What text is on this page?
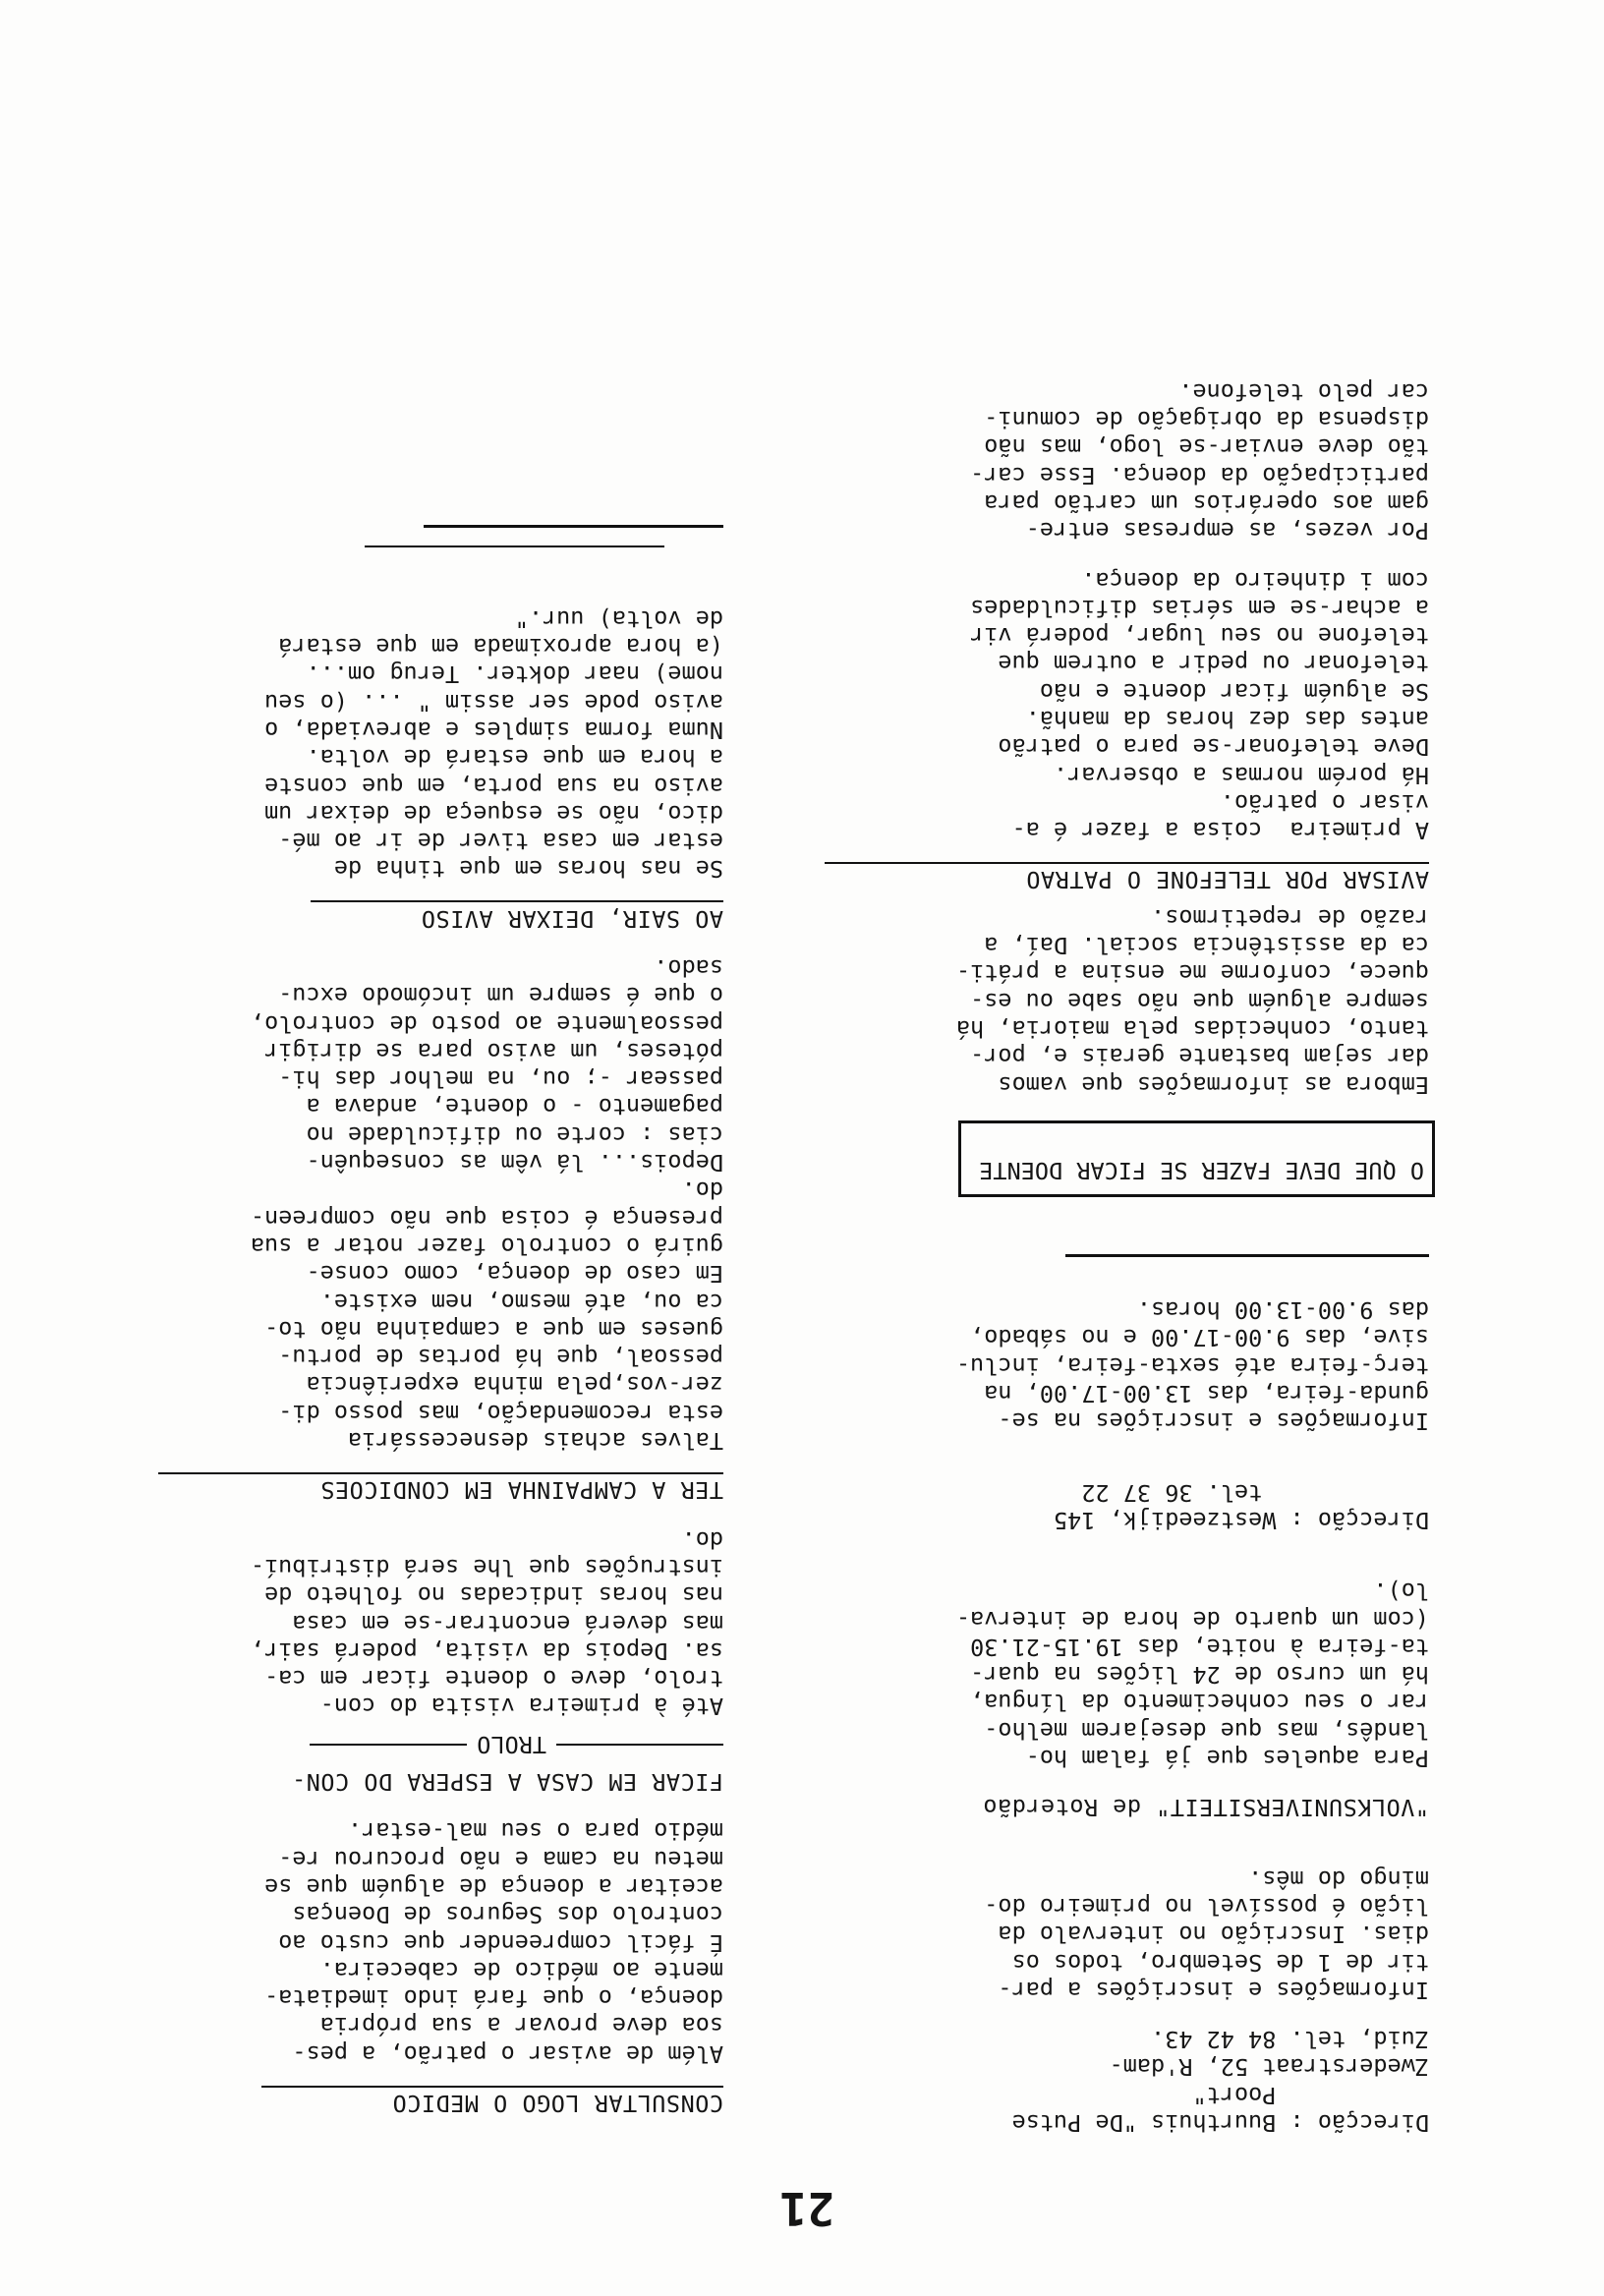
21
Direcção : Buurthuis "De Putse
Poort"
Zwederstraat 52, R'dam-
Zuid, tel. 84 42 43.
Informações e inscrições a par-
tir de 1 de Setembro, todos os
dias. Inscrição no intervalo da
lição é possível no primeiro do-
mingo do mês.
"VOLKSUNIVERSITEIT" de Roterdão
Para aqueles que já falam ho-
landês, mas que desejarem melho-
rar o seu conhecimento da língua,
há um curso de 24 lições na quar-
ta-feira à noite, das 19.15-21.30
(com um quarto de hora de interva-
lo).
Direcção : Westzeedijk, 145
tel. 36 37 22
Informações e inscrições na se-
gunda-feira, das 13.00-17.00, na
terç-feira até sexta-feira, inclu-
sive, das 9.00-17.00 e no sábado,
das 9.00-13.00 horas.
O QUE DEVE FAZER SE FICAR DOENTE
Embora as informações que vamos
dar sejam bastante gerais e, por-
tanto, conhecidas pela maioria, há
sempre alguém que não sabe ou es-
quece, conforme me ensina a práti-
ca da assistência social. Daí, a
razão de repetirmos.
AVISAR POR TELEFONE O PATRAO
A primeira  coisa a fazer é a-
visar o patrão.
Há porém normas a observar.
Deve telefonar-se para o patrão
antes das dez horas da manhã.
Se alguém ficar doente e não
telefonar ou pedir a outrem que
telefone no seu lugar, poderá vir
a achar-se em sérias dificuldades
com i dinheiro da doença.
Por vezes, as empresas entre-
gam aos operários um cartão para
participação da doença. Esse car-
tão deve enviar-se logo, mas não
dispensa da obrigação de comuni-
car pelo telefone.
CONSULTAR LOGO O MEDICO
Além de avisar o patrão, a pes-
soa deve provar a sua própria
doença, o que fará indo imediata-
mente ao médico de cabeceira.
É fácil compreender que custo ao
controlo dos Seguros de Doenças
aceitar a doença de alguém que se
meteu na cama e não procurou re-
médio para o seu mal-estar.
FICAR EM CASA A ESPERA DO CON-
TROLO
Até à primeira visita do con-
trolo, deve o doente ficar em ca-
sa. Depois da visita, poderá sair,
mas deverá encontrar-se em casa
nas horas indicadas no folheto de
instruções que lhe será distribuí-
do.
TER A CAMPAINHA EM CONDICOES
Talves achais desnecessária
esta recomendação, mas posso di-
zer-vos,pela minha experiência
pessoal, que há portas de portu-
gueses em que a campainha não to-
ca ou, até mesmo, nem existe.
Em caso de doença, como conse-
guirá o controlo fazer notar a sua
presença é coisa que não compreen-
do.
Depois... lá vêm as consequên-
cias : corte ou dificuldade no
pagamento - o doente, andava a
passear -; ou, na melhor das hi-
póteses, um aviso para se dirigir
pessoalmente ao posto de controlo,
o que é sempre um incómodo excu-
sado.
AO SAIR, DEIXAR AVISO
Se nas horas em que tinha de
estar em casa tiver de ir ao mé-
dico, não se esqueça de deixar um
aviso na sua porta, em que conste
a hora em que estará de volta.
Numa forma simples e abreviada, o
aviso pode ser assim " ... (o seu
nome) naar dokter. Terug om...
(a hora aproximada em que estará
de volta) uur."
